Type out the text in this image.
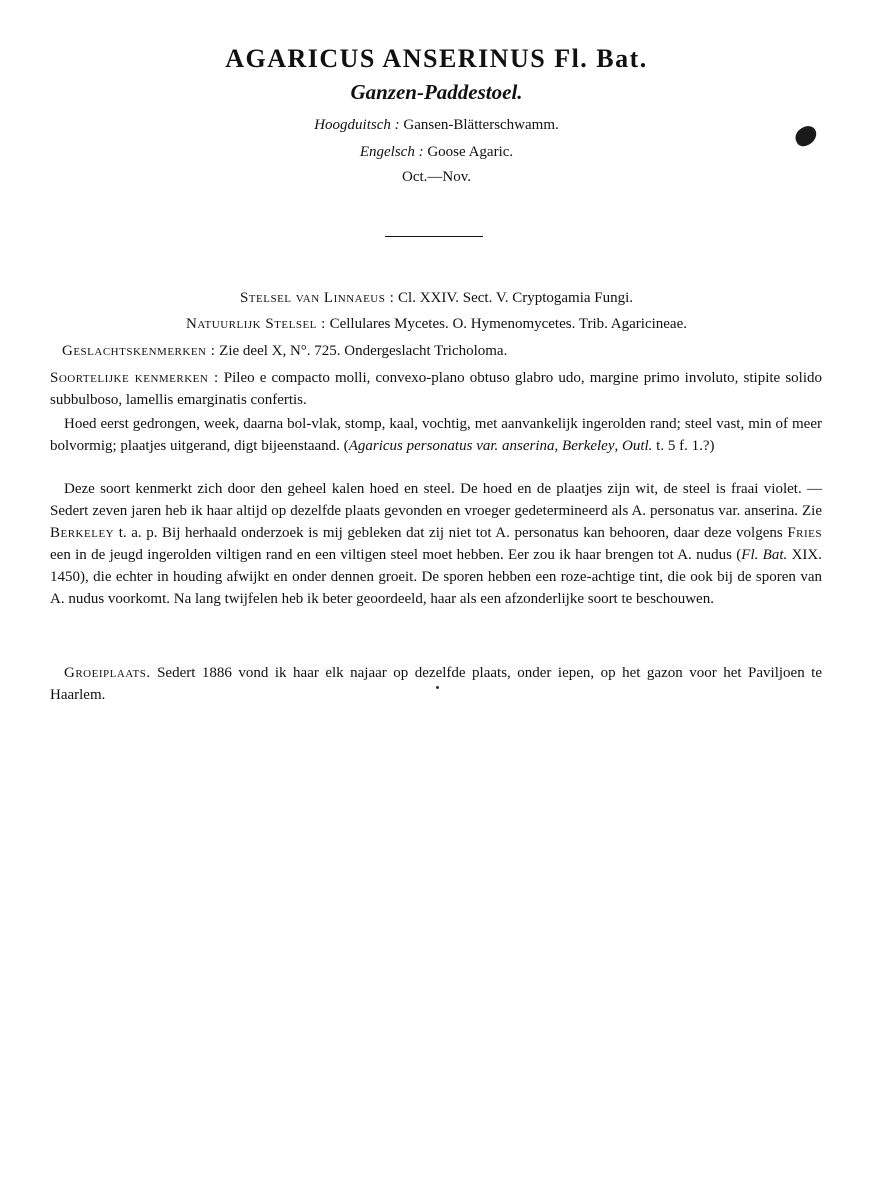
AGARICUS ANSERINUS Fl. Bat.
Ganzen-Paddestoel.
Hoogduitsch : Gansen-Blätterschwamm.
Engelsch : Goose Agaric.
Oct.—Nov.
Stelsel van Linnaeus : Cl. XXIV. Sect. V. Cryptogamia Fungi.
Natuurlijk Stelsel : Cellulares Mycetes. O. Hymenomycetes. Trib. Agaricineae.
Geslachtskenmerken : Zie deel X, N°. 725. Ondergeslacht Tricholoma.

Soortelijke kenmerken : Pileo e compacto molli, convexo-plano obtuso glabro udo, margine primo involuto, stipite solido subbulboso, lamellis emarginatis confertis.

Hoed eerst gedrongen, week, daarna bol-vlak, stomp, kaal, vochtig, met aanvankelijk ingerolden rand; steel vast, min of meer bolvormig; plaatjes uitgerand, digt bijeenstaand. (Agaricus personatus var. anserina, Berkeley, Outl. t. 5 f. 1.?)

Deze soort kenmerkt zich door den geheel kalen hoed en steel. De hoed en de plaatjes zijn wit, de steel is fraai violet. — Sedert zeven jaren heb ik haar altijd op dezelfde plaats gevonden en vroeger gedetermineerd als A. personatus var. anserina. Zie Berkeley t. a. p. Bij herhaald onderzoek is mij gebleken dat zij niet tot A. personatus kan behooren, daar deze volgens Fries een in de jeugd ingerolden viltigen rand en een viltigen steel moet hebben. Eer zou ik haar brengen tot A. nudus (Fl. Bat. XIX. 1450), die echter in houding afwijkt en onder dennen groeit. De sporen hebben een roze-achtige tint, die ook bij de sporen van A. nudus voorkomt. Na lang twijfelen heb ik beter geoordeeld, haar als een afzonderlijke soort te beschouwen.

Groeiplaats. Sedert 1886 vond ik haar elk najaar op dezelfde plaats, onder iepen, op het gazon voor het Paviljoen te Haarlem.
